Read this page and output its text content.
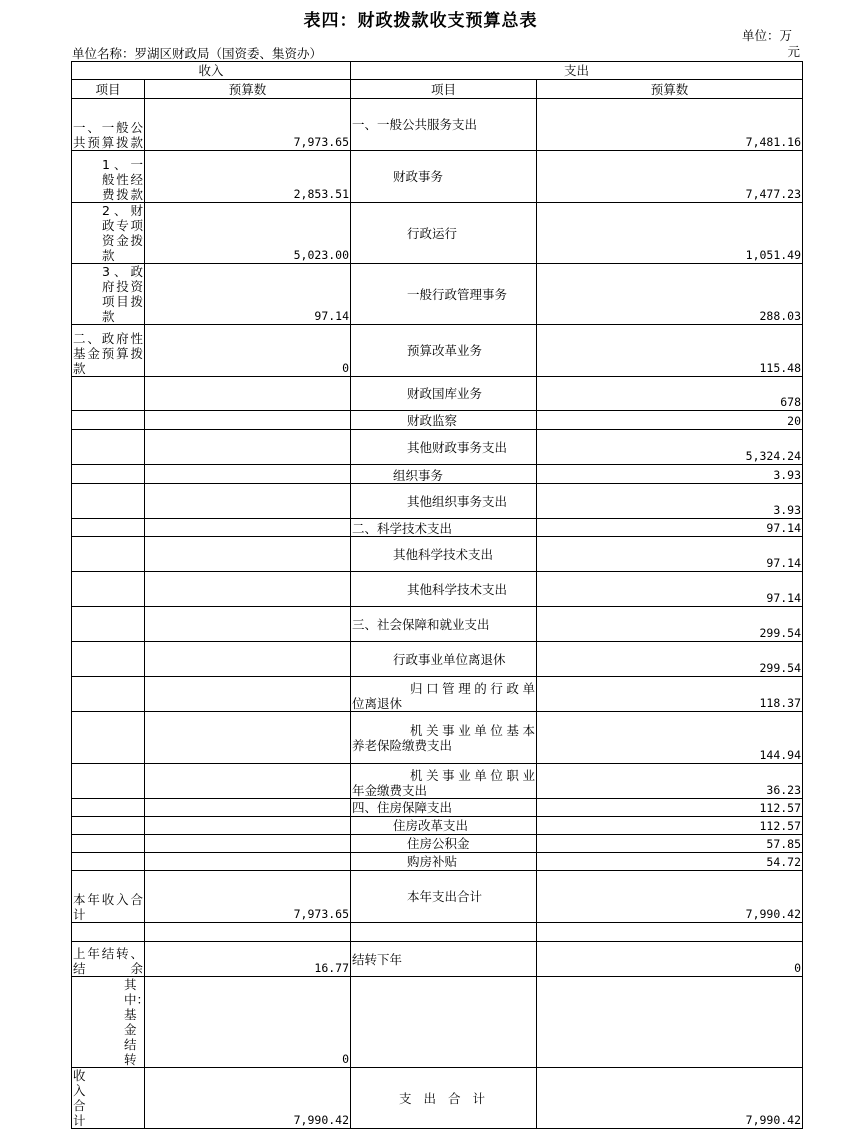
表四：财政拨款收支预算总表
单位：万
元
单位名称：罗湖区财政局（国资委、集资办）
收入		支出	
项目	预算数	项目	预算数
一、一般公共预算拨款	7,973.65	一、一般公共服务支出	7,481.16
1、一般性经费拨款	2,853.51	财政事务	7,477.23
2、财政专项资金拨款	5,023.00	行政运行	1,051.49
3、政府投资项目拨款	97.14	一般行政管理事务	288.03
二、政府性基金预算拨款	0	预算改革业务	115.48
		财政国库业务	678
		财政监察	20
		其他财政事务支出	5,324.24
		组织事务	3.93
		其他组织事务支出	3.93
		二、科学技术支出	97.14
		其他科学技术支出	97.14
		其他科学技术支出	97.14
		三、社会保障和就业支出	299.54
		行政事业单位离退休	299.54

		归口管理的行政单
位离退休	118.37

		机关事业单位基本
养老保险缴费支出	144.94

		机关事业单位职业
年金缴费支出	36.23
		四、住房保障支出	112.57
		住房改革支出	112.57
		住房公积金	57.85
		购房补贴	54.72
本年收入合计	7,973.65	本年支出合计	7,990.42

上年结转、结余	16.77	结转下年	0
其中：基金结转	0		
收入合计	7,990.42	支出合计	7,990.42
